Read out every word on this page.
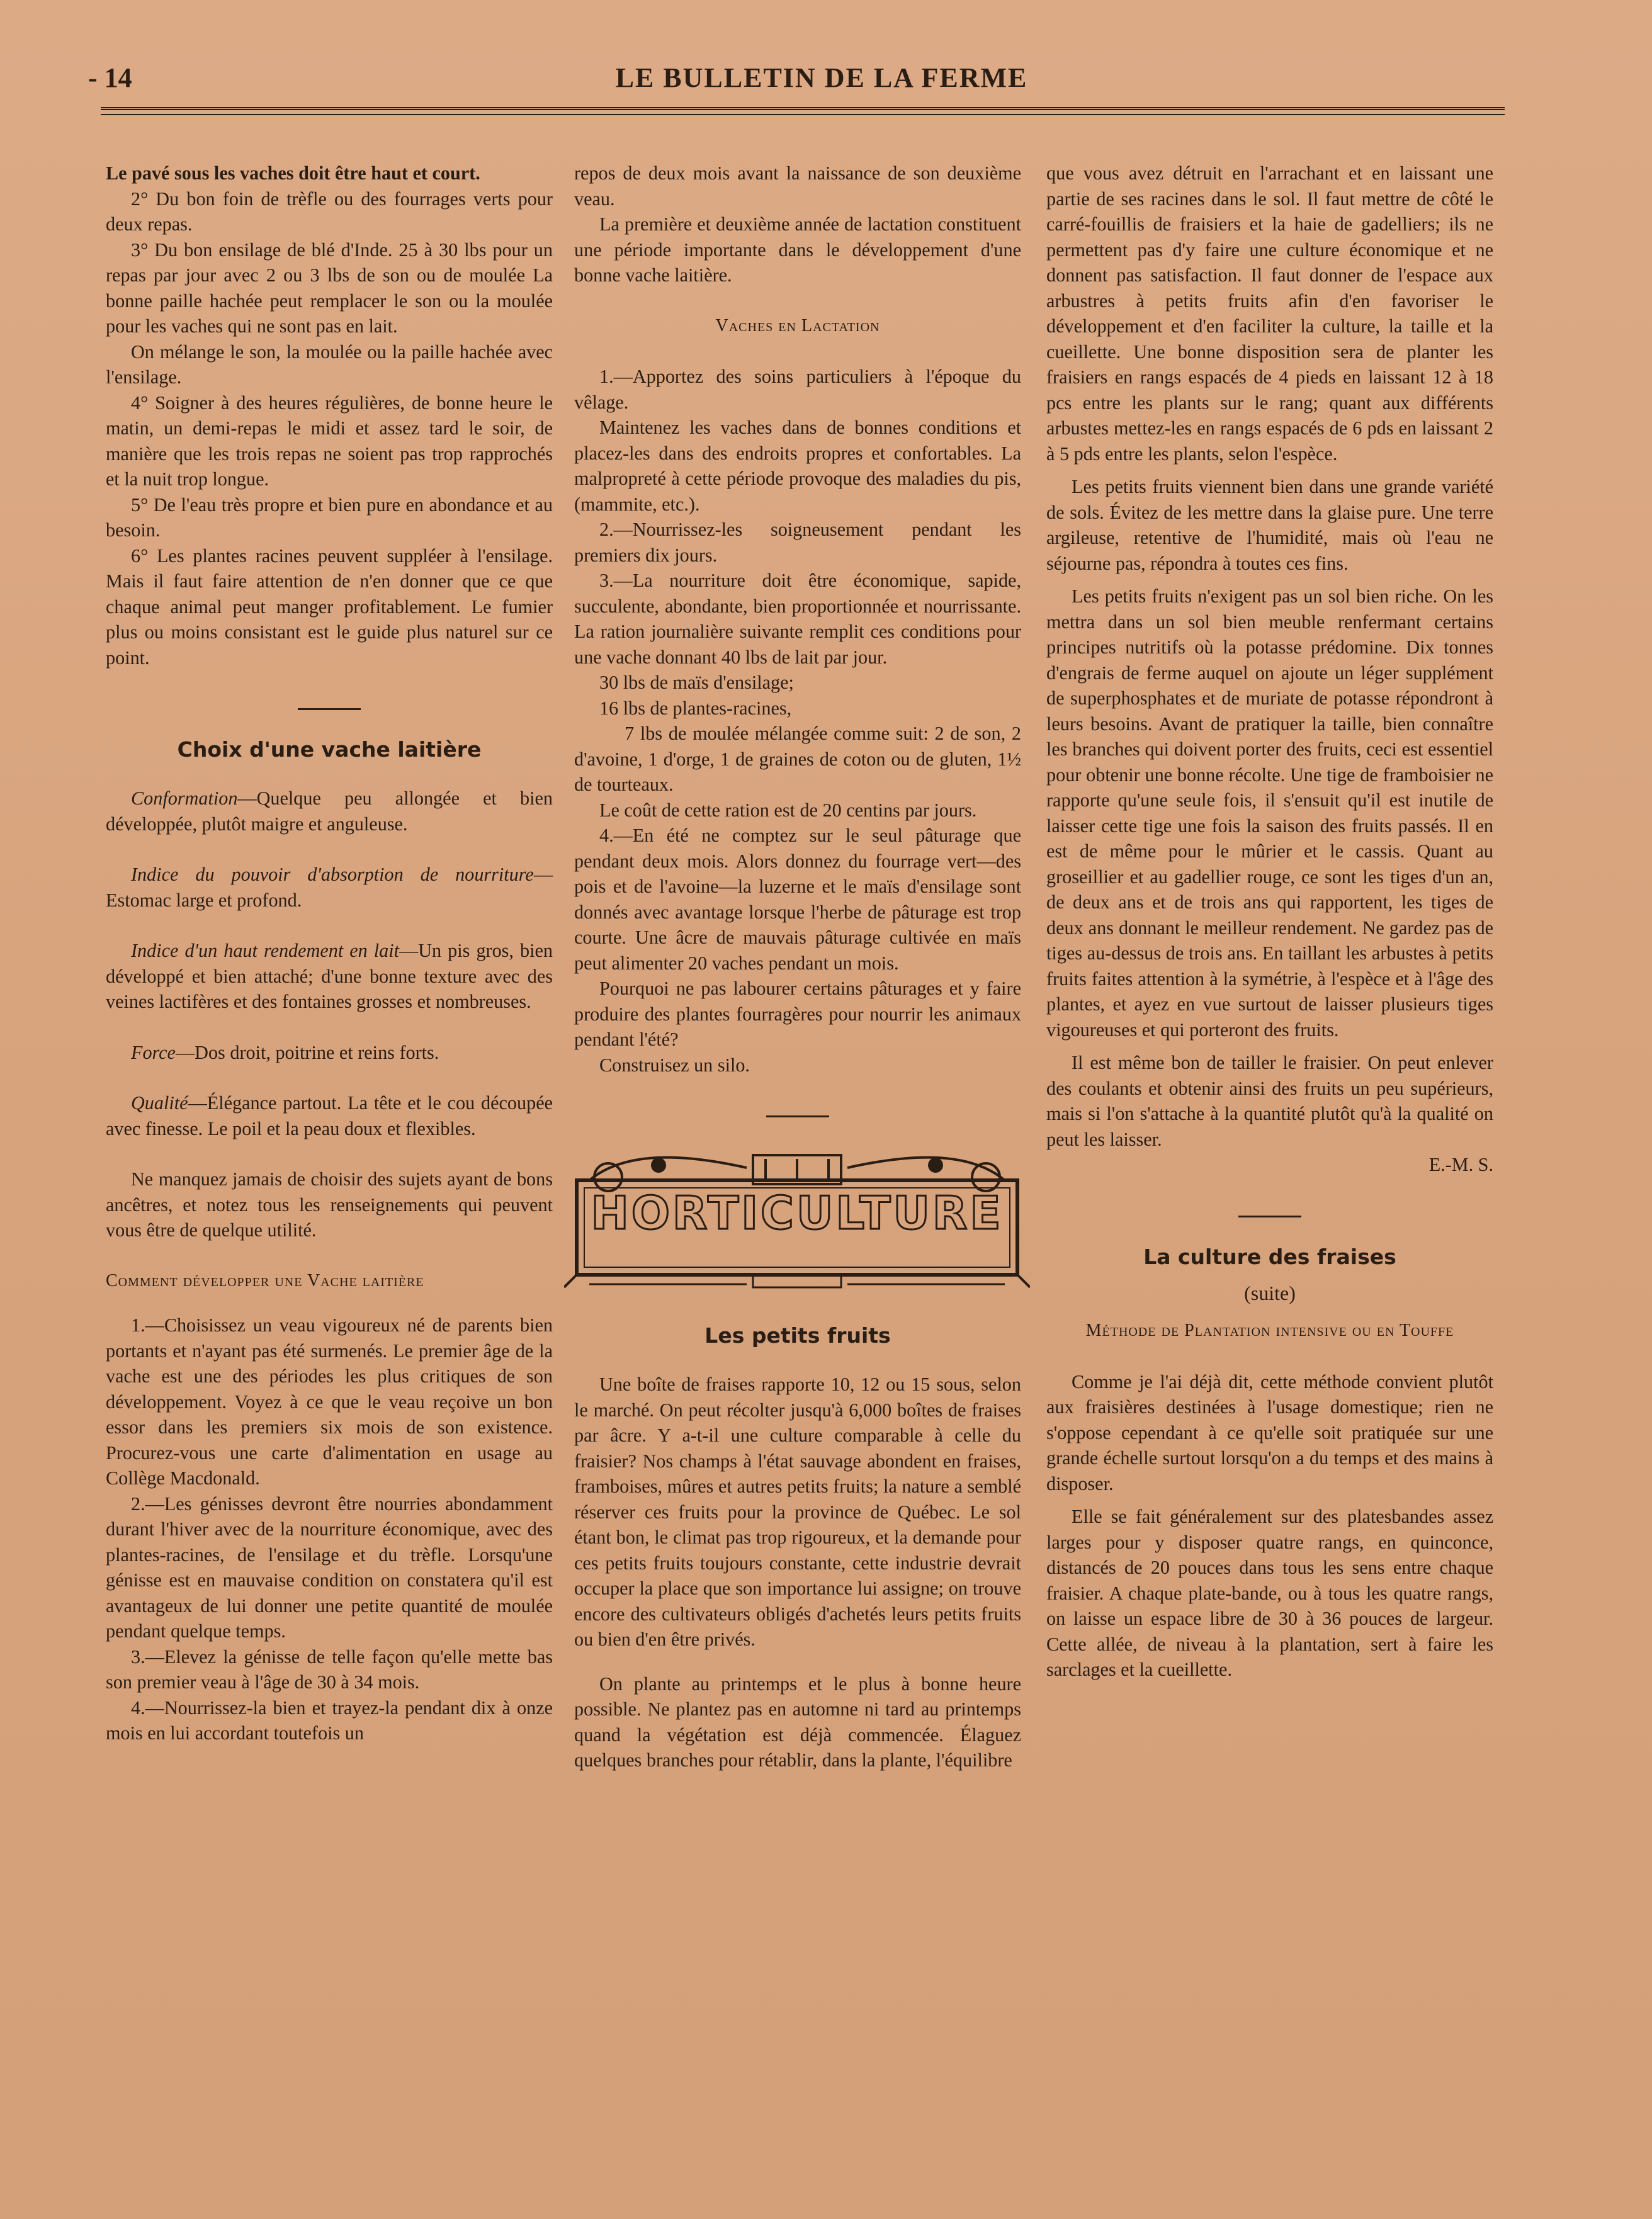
- 14	LE BULLETIN DE LA FERME

Le pavé sous les vaches doit être haut et court.

2° Du bon foin de trèfle ou des fourrages verts pour deux repas.

3° Du bon ensilage de blé d'Inde. 25 à 30 lbs pour un repas par jour avec 2 ou 3 lbs de son ou de moulée La bonne paille hachée peut remplacer le son ou la moulée pour les vaches qui ne sont pas en lait.

On mélange le son, la moulée ou la paille hachée avec l'ensilage.

4° Soigner à des heures régulières, de bonne heure le matin, un demi-repas le midi et assez tard le soir, de manière que les trois repas ne soient pas trop rapprochés et la nuit trop longue.

5° De l'eau très propre et bien pure en abondance et au besoin.

6° Les plantes racines peuvent suppléer à l'ensilage. Mais il faut faire attention de n'en donner que ce que chaque animal peut manger profitablement. Le fumier plus ou moins consistant est le guide plus naturel sur ce point.

Choix d'une vache laitière

Conformation—Quelque peu allongée et bien développée, plutôt maigre et anguleuse.

Indice du pouvoir d'absorption de nourriture—Estomac large et profond.

Indice d'un haut rendement en lait—Un pis gros, bien développé et bien attaché; d'une bonne texture avec des veines lactifères et des fontaines grosses et nombreuses.

Force—Dos droit, poitrine et reins forts.

Qualité—Élégance partout. La tête et le cou découpée avec finesse. Le poil et la peau doux et flexibles.

Ne manquez jamais de choisir des sujets ayant de bons ancêtres, et notez tous les renseignements qui peuvent vous être de quelque utilité.

Comment développer une Vache laitière

1.—Choisissez un veau vigoureux né de parents bien portants et n'ayant pas été surmenés. Le premier âge de la vache est une des périodes les plus critiques de son développement. Voyez à ce que le veau reçoive un bon essor dans les premiers six mois de son existence. Procurez-vous une carte d'alimentation en usage au Collège Macdonald.

2.—Les génisses devront être nourries abondamment durant l'hiver avec de la nourriture économique, avec des plantes-racines, de l'ensilage et du trèfle. Lorsqu'une génisse est en mauvaise condition on constatera qu'il est avantageux de lui donner une petite quantité de moulée pendant quelque temps.

3.—Elevez la génisse de telle façon qu'elle mette bas son premier veau à l'âge de 30 à 34 mois.

4.—Nourrissez-la bien et trayez-la pendant dix à onze mois en lui accordant toutefois un

repos de deux mois avant la naissance de son deuxième veau.

La première et deuxième année de lactation constituent une période importante dans le développement d'une bonne vache laitière.

Vaches en Lactation

1.—Apportez des soins particuliers à l'époque du vêlage.

Maintenez les vaches dans de bonnes conditions et placez-les dans des endroits propres et confortables. La malpropreté à cette période provoque des maladies du pis, (mammite, etc.).

2.—Nourrissez-les soigneusement pendant les premiers dix jours.

3.—La nourriture doit être économique, sapide, succulente, abondante, bien proportionnée et nourrissante. La ration journalière suivante remplit ces conditions pour une vache donnant 40 lbs de lait par jour.

30 lbs de maïs d'ensilage;

16 lbs de plantes-racines,

7 lbs de moulée mélangée comme suit: 2 de son, 2 d'avoine, 1 d'orge, 1 de graines de coton ou de gluten, 1½ de tourteaux.

Le coût de cette ration est de 20 centins par jours.

4.—En été ne comptez sur le seul pâturage que pendant deux mois. Alors donnez du fourrage vert—des pois et de l'avoine—la luzerne et le maïs d'ensilage sont donnés avec avantage lorsque l'herbe de pâturage est trop courte. Une âcre de mauvais pâturage cultivée en maïs peut alimenter 20 vaches pendant un mois.

Pourquoi ne pas labourer certains pâturages et y faire produire des plantes fourragères pour nourrir les animaux pendant l'été?

Construisez un silo.

HORTICULTURE
Les petits fruits

Une boîte de fraises rapporte 10, 12 ou 15 sous, selon le marché. On peut récolter jusqu'à 6,000 boîtes de fraises par âcre. Y a-t-il une culture comparable à celle du fraisier? Nos champs à l'état sauvage abondent en fraises, framboises, mûres et autres petits fruits; la nature a semblé réserver ces fruits pour la province de Québec. Le sol étant bon, le climat pas trop rigoureux, et la demande pour ces petits fruits toujours constante, cette industrie devrait occuper la place que son importance lui assigne; on trouve encore des cultivateurs obligés d'achetés leurs petits fruits ou bien d'en être privés.

On plante au printemps et le plus à bonne heure possible. Ne plantez pas en automne ni tard au printemps quand la végétation est déjà commencée. Élaguez quelques branches pour rétablir, dans la plante, l'équilibre

que vous avez détruit en l'arrachant et en laissant une partie de ses racines dans le sol. Il faut mettre de côté le carré-fouillis de fraisiers et la haie de gadelliers; ils ne permettent pas d'y faire une culture économique et ne donnent pas satisfaction. Il faut donner de l'espace aux arbustres à petits fruits afin d'en favoriser le développement et d'en faciliter la culture, la taille et la cueillette. Une bonne disposition sera de planter les fraisiers en rangs espacés de 4 pieds en laissant 12 à 18 pcs entre les plants sur le rang; quant aux différents arbustes mettez-les en rangs espacés de 6 pds en laissant 2 à 5 pds entre les plants, selon l'espèce.

Les petits fruits viennent bien dans une grande variété de sols. Évitez de les mettre dans la glaise pure. Une terre argileuse, retentive de l'humidité, mais où l'eau ne séjourne pas, répondra à toutes ces fins.

Les petits fruits n'exigent pas un sol bien riche. On les mettra dans un sol bien meuble renfermant certains principes nutritifs où la potasse prédomine. Dix tonnes d'engrais de ferme auquel on ajoute un léger supplément de superphosphates et de muriate de potasse répondront à leurs besoins. Avant de pratiquer la taille, bien connaître les branches qui doivent porter des fruits, ceci est essentiel pour obtenir une bonne récolte. Une tige de framboisier ne rapporte qu'une seule fois, il s'ensuit qu'il est inutile de laisser cette tige une fois la saison des fruits passés. Il en est de même pour le mûrier et le cassis. Quant au groseillier et au gadellier rouge, ce sont les tiges d'un an, de deux ans et de trois ans qui rapportent, les tiges de deux ans donnant le meilleur rendement. Ne gardez pas de tiges au-dessus de trois ans. En taillant les arbustes à petits fruits faites attention à la symétrie, à l'espèce et à l'âge des plantes, et ayez en vue surtout de laisser plusieurs tiges vigoureuses et qui porteront des fruits.

Il est même bon de tailler le fraisier. On peut enlever des coulants et obtenir ainsi des fruits un peu supérieurs, mais si l'on s'attache à la quantité plutôt qu'à la qualité on peut les laisser.

E.-M. S.

La culture des fraises
(suite)

Méthode de Plantation intensive ou en Touffe

Comme je l'ai déjà dit, cette méthode convient plutôt aux fraisières destinées à l'usage domestique; rien ne s'oppose cependant à ce qu'elle soit pratiquée sur une grande échelle surtout lorsqu'on a du temps et des mains à disposer.

Elle se fait généralement sur des platesbandes assez larges pour y disposer quatre rangs, en quinconce, distancés de 20 pouces dans tous les sens entre chaque fraisier. A chaque plate-bande, ou à tous les quatre rangs, on laisse un espace libre de 30 à 36 pouces de largeur. Cette allée, de niveau à la plantation, sert à faire les sarclages et la cueillette.
